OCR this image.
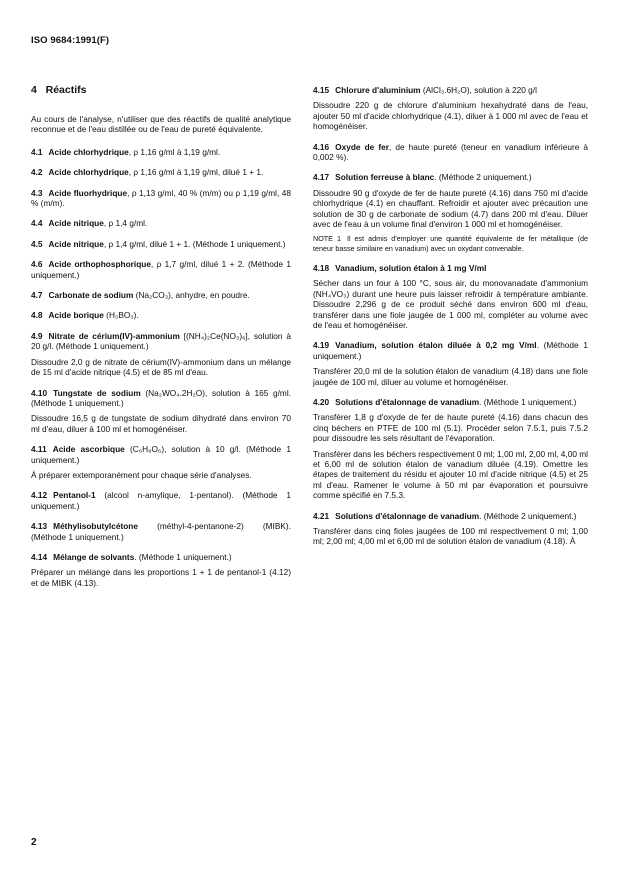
ISO 9684:1991(F)
4 Réactifs

Au cours de l'analyse, n'utiliser que des réactifs de qualité analytique reconnue et de l'eau distillée ou de l'eau de pureté équivalente.

4.1 Acide chlorhydrique, ρ 1,16 g/ml à 1,19 g/ml.

4.2 Acide chlorhydrique, ρ 1,16 g/ml à 1,19 g/ml, dilué 1 + 1.

4.3 Acide fluorhydrique, ρ 1,13 g/ml, 40 % (m/m) ou ρ 1,19 g/ml, 48 % (m/m).

4.4 Acide nitrique, ρ 1,4 g/ml.

4.5 Acide nitrique, ρ 1,4 g/ml, dilué 1 + 1. (Méthode 1 uniquement.)

4.6 Acide orthophosphorique, ρ 1,7 g/ml, dilué 1 + 2. (Méthode 1 uniquement.)

4.7 Carbonate de sodium (Na₂CO₃), anhydre, en poudre.

4.8 Acide borique (H₃BO₃).

4.9 Nitrate de cérium(IV)-ammonium [(NH₄)₂Ce(NO₃)₆], solution à 20 g/l. (Méthode 1 uniquement.)

Dissoudre 2,0 g de nitrate de cérium(IV)-ammonium dans un mélange de 15 ml d'acide nitrique (4.5) et de 85 ml d'eau.

4.10 Tungstate de sodium (Na₂WO₄.2H₂O), solution à 165 g/ml. (Méthode 1 uniquement.)

Dissoudre 16,5 g de tungstate de sodium dihydraté dans environ 70 ml d'eau, diluer à 100 ml et homogénéiser.

4.11 Acide ascorbique (C₆H₈O₆), solution à 10 g/l. (Méthode 1 uniquement.)

À préparer extemporanément pour chaque série d'analyses.

4.12 Pentanol-1 (alcool n-amylique, 1-pentanol). (Méthode 1 uniquement.)

4.13 Méthylisobutylcétone (méthyl-4-pentanone-2) (MIBK). (Méthode 1 uniquement.)

4.14 Mélange de solvants. (Méthode 1 uniquement.)

Préparer un mélange dans les proportions 1 + 1 de pentanol-1 (4.12) et de MIBK (4.13).

4.15 Chlorure d'aluminium (AlCl₃.6H₂O), solution à 220 g/l

Dissoudre 220 g de chlorure d'aluminium hexahydraté dans de l'eau, ajouter 50 ml d'acide chlorhydrique (4.1), diluer à 1 000 ml avec de l'eau et homogénéiser.

4.16 Oxyde de fer, de haute pureté (teneur en vanadium inférieure à 0,002 %).

4.17 Solution ferreuse à blanc. (Méthode 2 uniquement.)

Dissoudre 90 g d'oxyde de fer de haute pureté (4.16) dans 750 ml d'acide chlorhydrique (4.1) en chauffant. Refroidir et ajouter avec précaution une solution de 30 g de carbonate de sodium (4.7) dans 200 ml d'eau. Diluer avec de l'eau à un volume final d'environ 1 000 ml et homogénéiser.

NOTE 1 Il est admis d'employer une quantité équivalente de fer métallique (de teneur basse similaire en vanadium) avec un oxydant convenable.

4.18 Vanadium, solution étalon à 1 mg V/ml

Sécher dans un four à 100 °C, sous air, du monovanadate d'ammonium (NH₄VO₃) durant une heure puis laisser refroidir à température ambiante. Dissoudre 2,296 g de ce produit séché dans environ 600 ml d'eau, transférer dans une fiole jaugée de 1 000 ml, compléter au volume avec de l'eau et homogénéiser.

4.19 Vanadium, solution étalon diluée à 0,2 mg V/ml. (Méthode 1 uniquement.)

Transférer 20,0 ml de la solution étalon de vanadium (4.18) dans une fiole jaugée de 100 ml, diluer au volume et homogénéiser.

4.20 Solutions d'étalonnage de vanadium. (Méthode 1 uniquement.)

Transférer 1,8 g d'oxyde de fer de haute pureté (4.16) dans chacun des cinq béchers en PTFE de 100 ml (5.1). Procéder selon 7.5.1, puis 7.5.2 pour dissoudre les sels résultant de l'évaporation.

Transférer dans les béchers respectivement 0 ml; 1,00 ml, 2,00 ml, 4,00 ml et 6,00 ml de solution étalon de vanadium diluée (4.19). Omettre les étapes de traitement du résidu et ajouter 10 ml d'acide nitrique (4.5) et 25 ml d'eau. Ramener le volume à 50 ml par évaporation et poursuivre comme spécifié en 7.5.3.

4.21 Solutions d'étalonnage de vanadium. (Méthode 2 uniquement.)

Transférer dans cinq fioles jaugées de 100 ml respectivement 0 ml; 1,00 ml; 2,00 ml; 4,00 ml et 6,00 ml de solution étalon de vanadium (4.18). À

2
